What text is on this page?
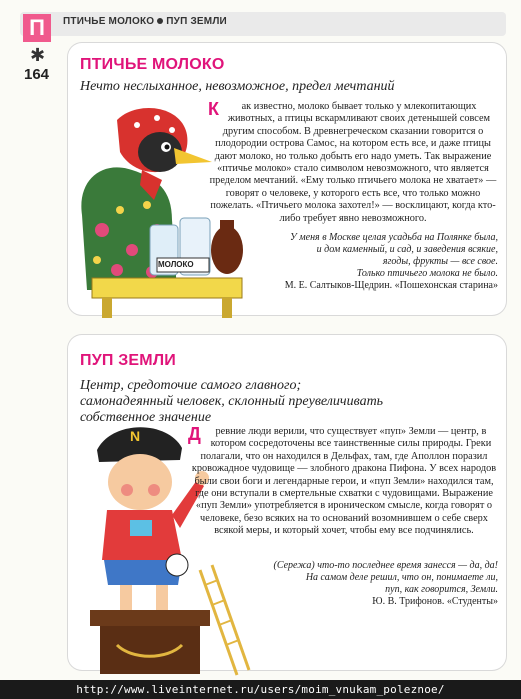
П	ПТИЧЬЕ МОЛОКО ПУП ЗЕМЛИ
✱
164
ПТИЧЬЕ МОЛОКО
Нечто неслыханное, невозможное, предел мечтаний
МОЛОКО
К ак известно, молоко бывает только у млекопитающих животных, а птицы вскармливают своих детенышей совсем другим способом. В древнегреческом сказании говорится о плодородии острова Самос, на котором есть все, и даже птицы дают молоко, но только добыть его надо уметь. Так выражение «птичье молоко» стало символом невозможного, что является пределом мечтаний. «Ему только птичьего молока не хватает» — говорят о человеке, у которого есть все, что только можно пожелать. «Птичьего молока захотел!» — восклицают, когда кто-либо требует явно невозможного.
У меня в Москве целая усадьба на Полянке была,
и дом каменный, и сад, и заведения всякие,
ягоды, фрукты — все свое.
Только птичьего молока не было.
М. Е. Салтыков-Щедрин. «Пошехонская старина»
ПУП ЗЕМЛИ
Центр, средоточие самого главного;
самонадеянный человек, склонный преувеличивать
собственное значение
N	Д ревние люди верили, что существует «пуп» Земли — центр, в котором сосредоточены все таинственные силы природы. Греки полагали, что он находился в Дельфах, там, где Аполлон поразил кровожадное чудовище — злобного дракона Пифона. У всех народов были свои боги и легендарные герои, и «пуп Земли» находился там, где они вступали в смертельные схватки с чудовищами. Выражение «пуп Земли» употребляется в ироническом смысле, когда говорят о человеке, безо всяких на то оснований возомнившем о себе сверх всякой меры, и который хочет, чтобы ему все подчинялись.
(Сережа) что-то последнее время занесся — да, да!
На самом деле решил, что он, понимаете ли,
пуп, как говорится, Земли.
Ю. В. Трифонов. «Студенты»
http://www.liveinternet.ru/users/moim_vnukam_poleznoe/
